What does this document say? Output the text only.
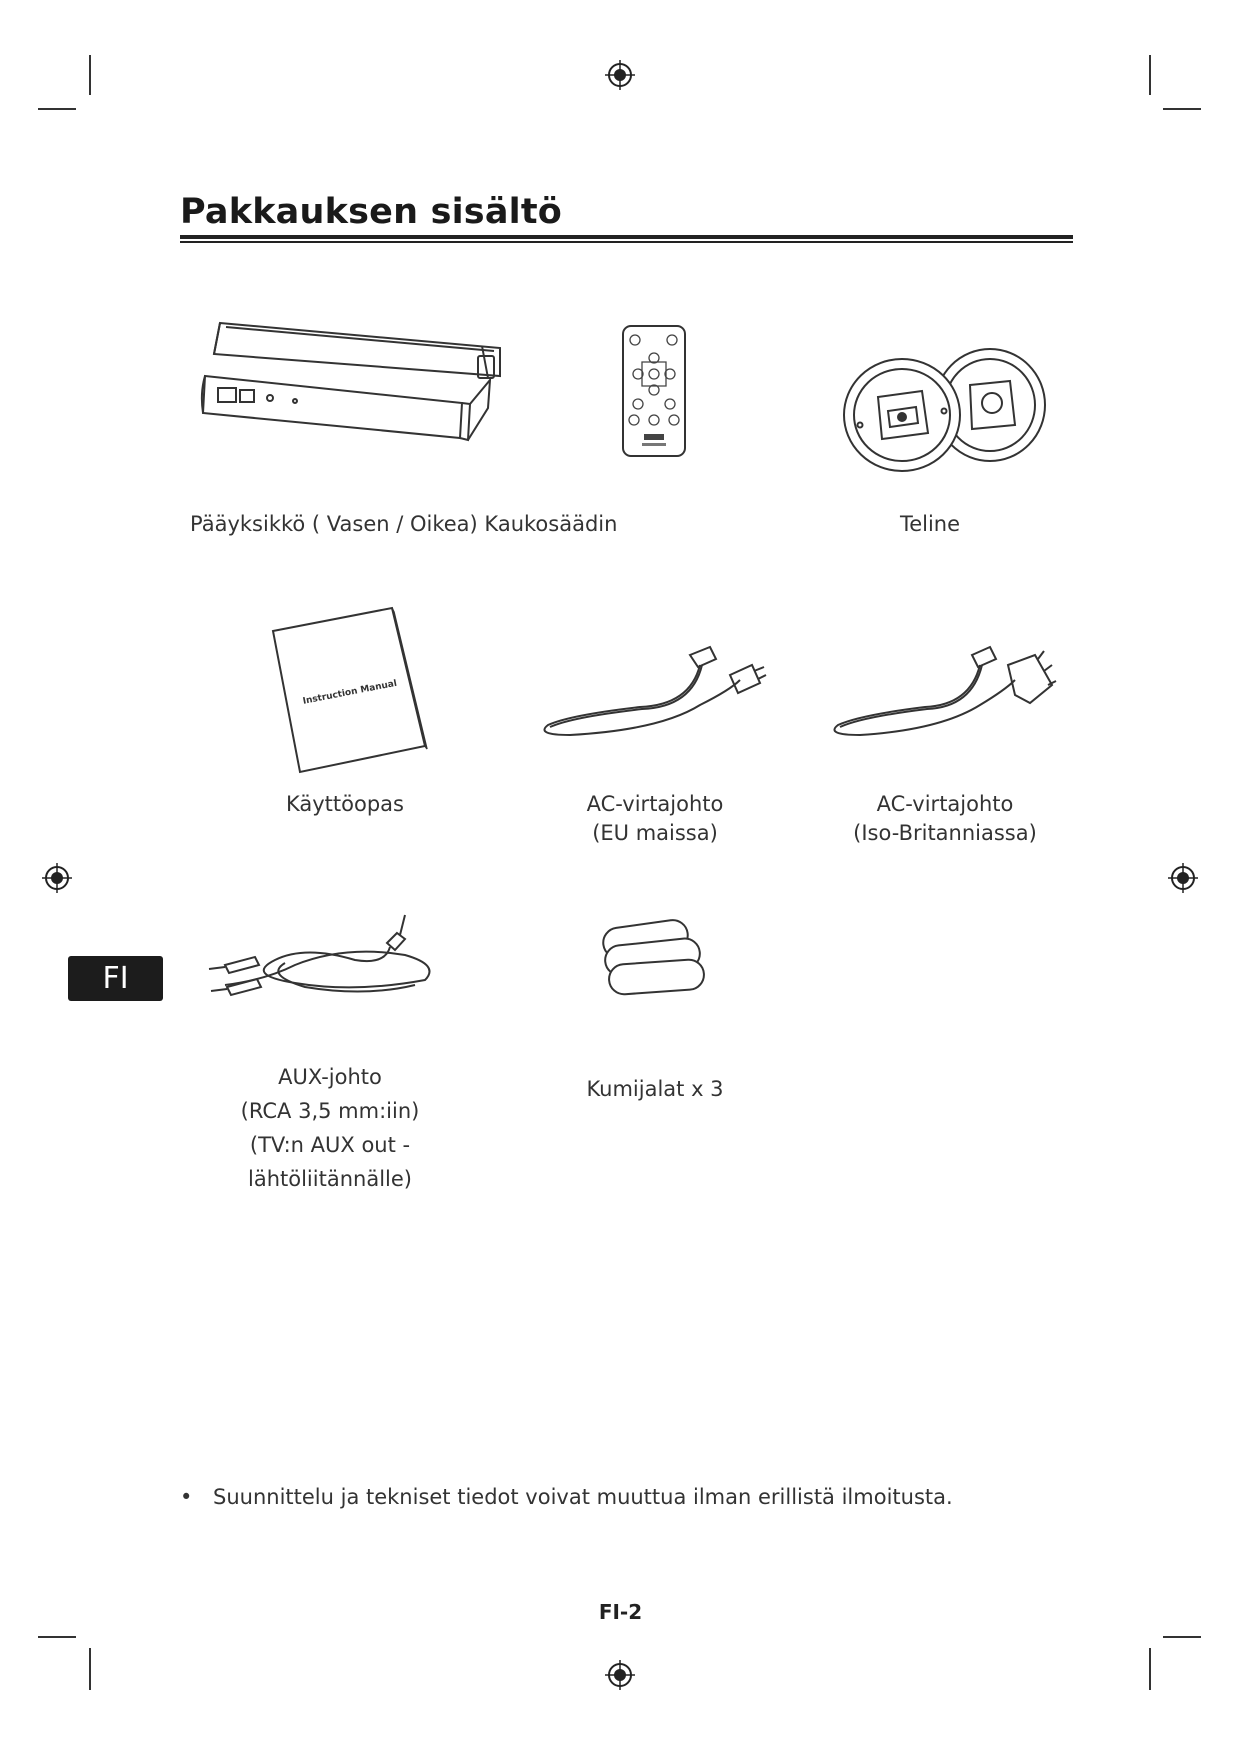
Pakkauksen sisältö
Pääyksikkö ( Vasen / Oikea) Kaukosäädin	Teline
Instruction Manual
Käyttöopas	AC-virtajohto
(EU maissa)
AC-virtajohto
(Iso-Britanniassa)
FI
AUX-johto
(RCA 3,5 mm:iin)
(TV:n AUX out -
lähtöliitännälle)
Kumijalat x 3
• Suunnittelu ja tekniset tiedot voivat muuttua ilman erillistä ilmoitusta.
FI-2
